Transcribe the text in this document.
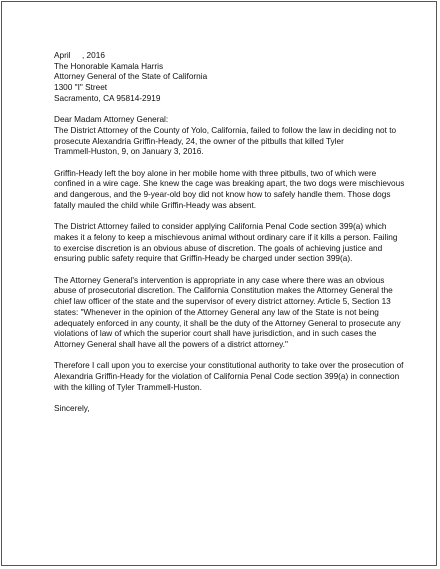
April     , 2016

The Honorable Kamala Harris
Attorney General of the State of California
1300 "I" Street
Sacramento, CA 95814-2919

Dear Madam Attorney General:

The District Attorney of the County of Yolo, California, failed to follow the law in deciding not to
prosecute Alexandria Griffin-Heady, 24, the owner of the pitbulls that killed Tyler
Trammell-Huston, 9, on January 3, 2016.
Griffin-Heady left the boy alone in her mobile home with three pitbulls, two of which were
confined in a wire cage. She knew the cage was breaking apart, the two dogs were mischievous
and dangerous, and the 9-year-old boy did not know how to safely handle them. Those dogs
fatally mauled the child while Griffin-Heady was absent.
The District Attorney failed to consider applying California Penal Code section 399(a) which
makes it a felony to keep a mischievous animal without ordinary care if it kills a person. Failing
to exercise discretion is an obvious abuse of discretion. The goals of achieving justice and
ensuring public safety require that Griffin-Heady be charged under section 399(a).
The Attorney General's intervention is appropriate in any case where there was an obvious
abuse of prosecutorial discretion. The California Constitution makes the Attorney General the
chief law officer of the state and the supervisor of every district attorney. Article 5, Section 13
states: "Whenever in the opinion of the Attorney General any law of the State is not being
adequately enforced in any county, it shall be the duty of the Attorney General to prosecute any
violations of law of which the superior court shall have jurisdiction, and in such cases the
Attorney General shall have all the powers of a district attorney."
Therefore I call upon you to exercise your constitutional authority to take over the prosecution of
Alexandria Griffin-Heady for the violation of California Penal Code section 399(a) in connection
with the killing of Tyler Trammell-Huston.

Sincerely,
